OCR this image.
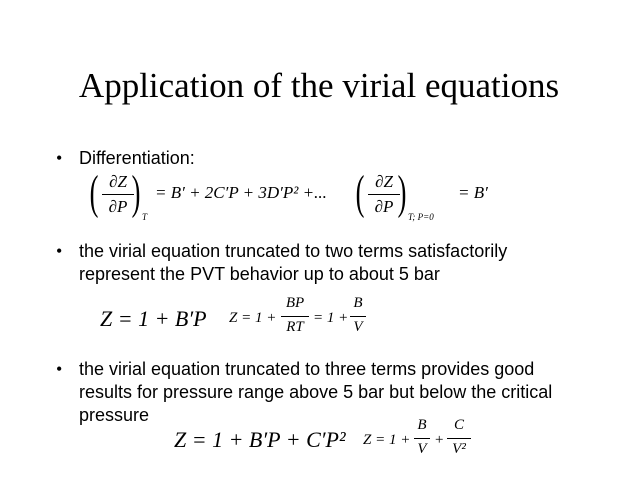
Application of the virial equations
• Differentiation:
( ∂Z
∂P ) T
= B′ + 2C′P + 3D′P² +... ( ∂Z
∂P ) T; P=0
= B′
• the virial equation truncated to two terms satisfactorily
represent the PVT behavior up to about 5 bar
Z = 1 + B′P Z = 1 +
BP
RT
= 1 +
B
V
• the virial equation truncated to three terms provides good
results for pressure range above 5 bar but below the critical
pressure
Z = 1 + B′P + C′P² Z = 1 +
B
V
+
C
V²
